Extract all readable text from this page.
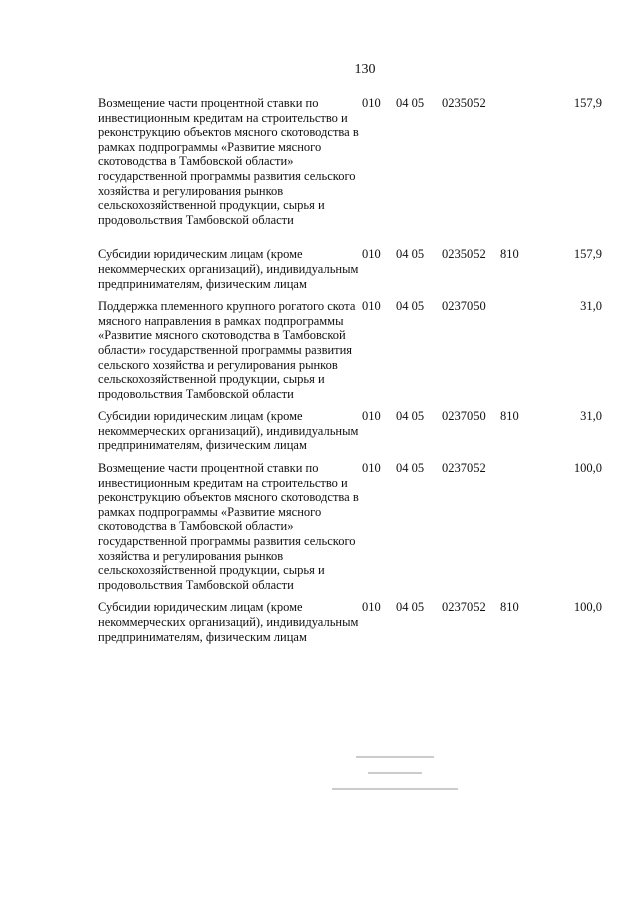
130
Возмещение части процентной ставки по инвестиционным кредитам на строительство и реконструкцию объектов мясного скотоводства в рамках подпрограммы «Развитие мясного скотоводства в Тамбовской области» государственной программы развития сельского хозяйства и регулирования рынков сельскохозяйственной продукции, сырья и продовольствия Тамбовской области
010 04 05 0235052	157,9
Субсидии юридическим лицам (кроме некоммерческих организаций), индивидуальным предпринимателям, физическим лицам
010 04 05 0235052 810	157,9
Поддержка племенного крупного рогатого скота мясного направления в рамках подпрограммы «Развитие мясного скотоводства в Тамбовской области» государственной программы развития сельского хозяйства и регулирования рынков сельскохозяйственной продукции, сырья и продовольствия Тамбовской области
010 04 05 0237050	31,0
Субсидии юридическим лицам (кроме некоммерческих организаций), индивидуальным предпринимателям, физическим лицам
010 04 05 0237050 810	31,0
Возмещение части процентной ставки по инвестиционным кредитам на строительство и реконструкцию объектов мясного скотоводства в рамках подпрограммы «Развитие мясного скотоводства в Тамбовской области» государственной программы развития сельского хозяйства и регулирования рынков сельскохозяйственной продукции, сырья и продовольствия Тамбовской области
010 04 05 0237052	100,0
Субсидии юридическим лицам (кроме некоммерческих организаций), индивидуальным предпринимателям, физическим лицам
010 04 05 0237052 810	100,0
